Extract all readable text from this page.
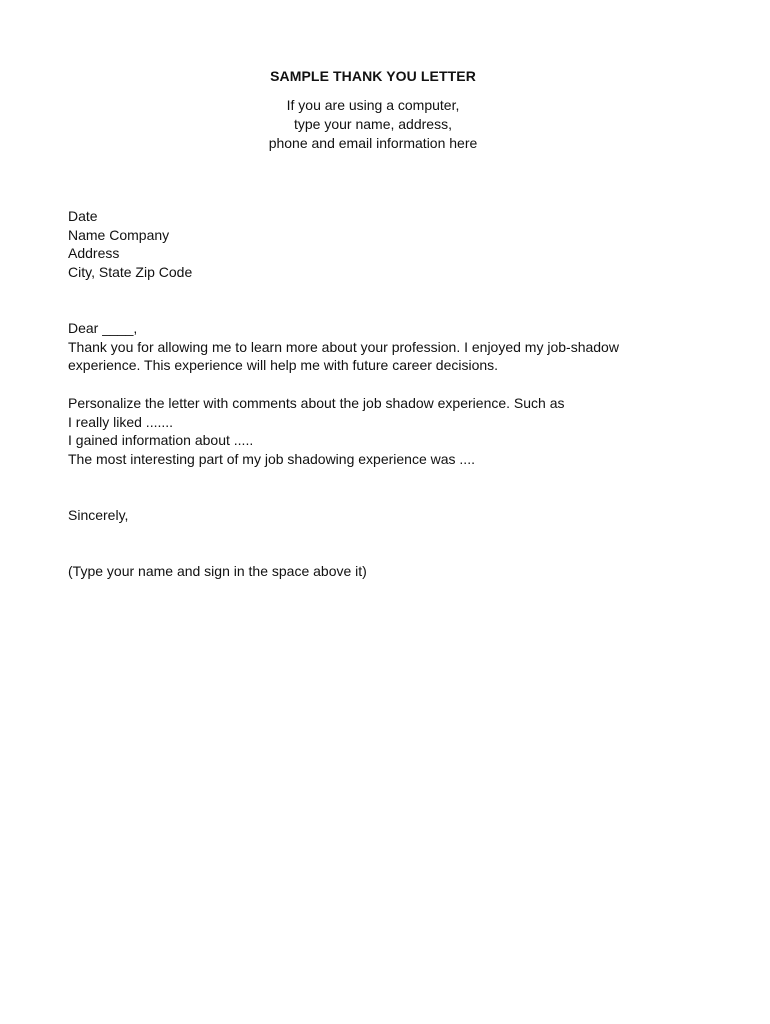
SAMPLE THANK YOU LETTER
If you are using a computer,
type your name, address,
phone and email information here
Date
Name Company
Address
City, State Zip Code
Dear ____,
Thank you for allowing me to learn more about your profession. I enjoyed my job-shadow
experience. This experience will help me with future career decisions.
Personalize the letter with comments about the job shadow experience. Such as
I really liked .......
I gained information about .....
The most interesting part of my job shadowing experience was ....
Sincerely,
(Type your name and sign in the space above it)
